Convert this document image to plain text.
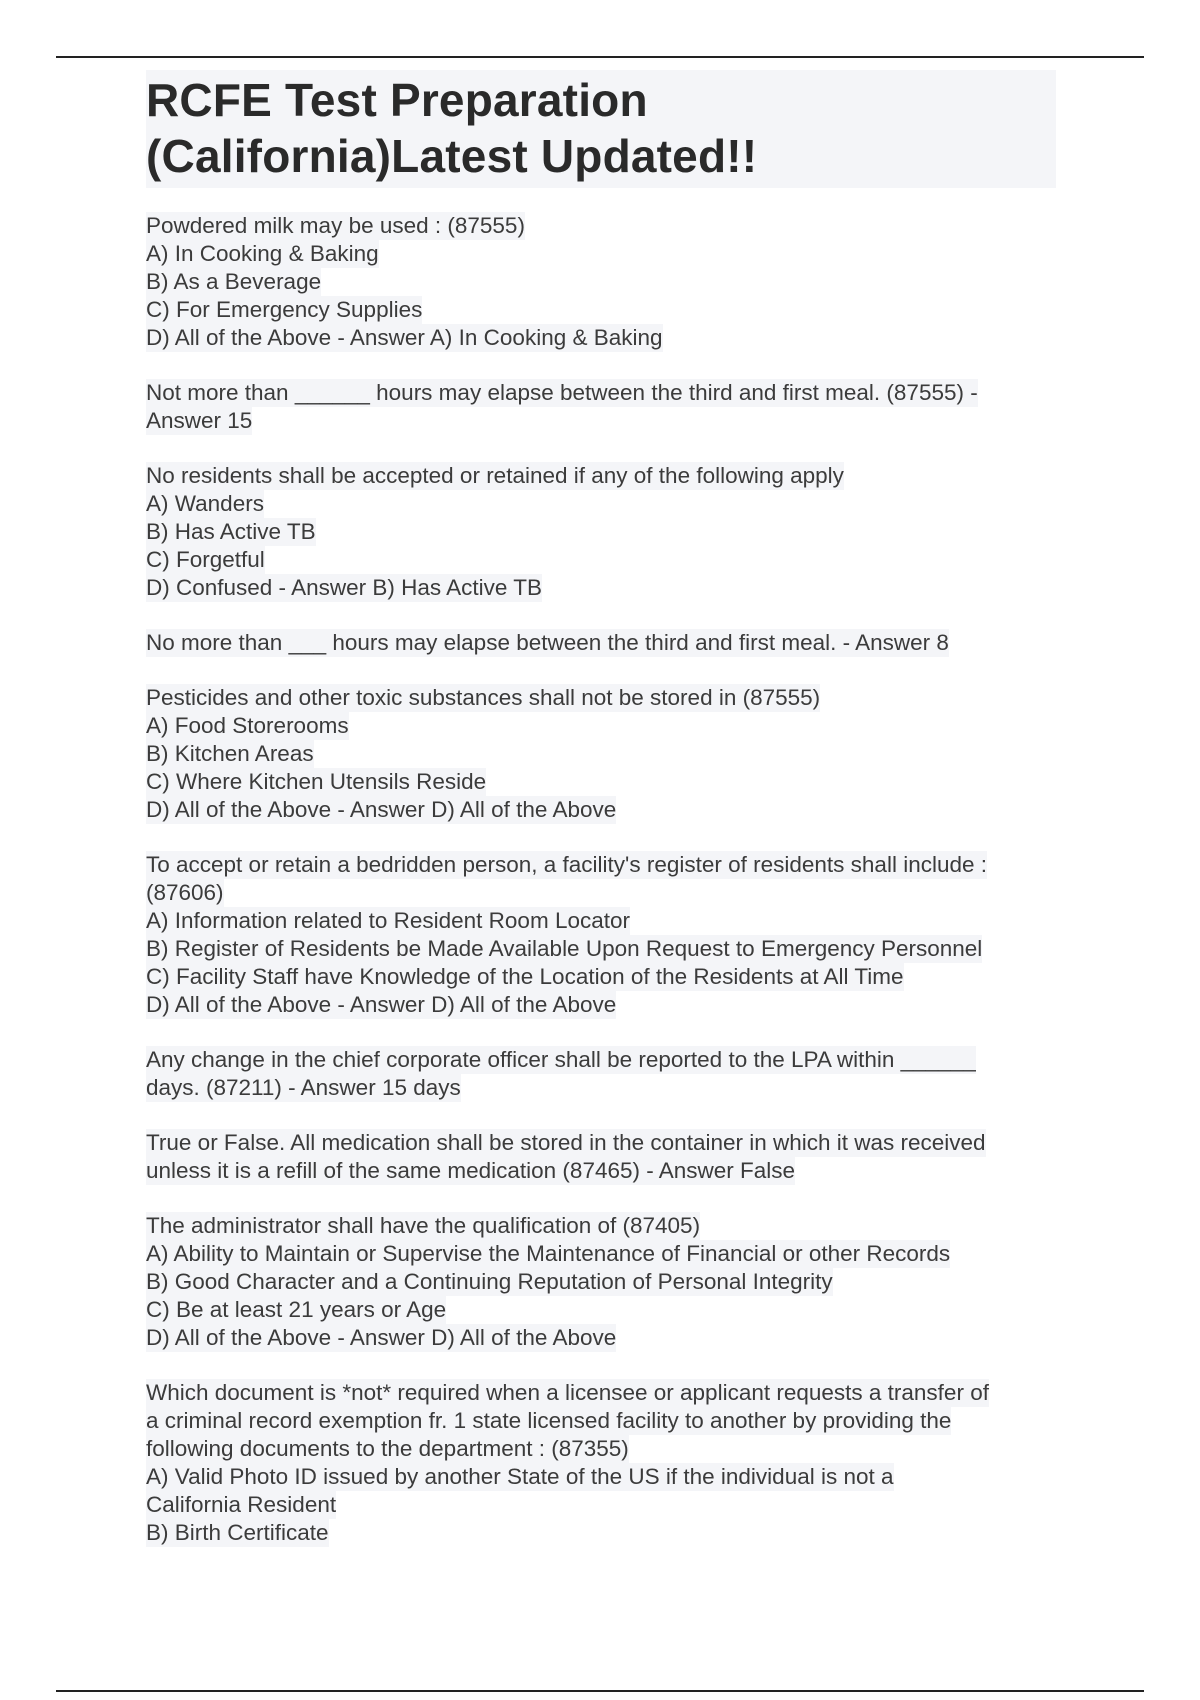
RCFE Test Preparation
(California)Latest Updated!!
Powdered milk may be used : (87555)
A) In Cooking & Baking
B) As a Beverage
C) For Emergency Supplies
D) All of the Above - Answer A) In Cooking & Baking
Not more than ______ hours may elapse between the third and first meal. (87555) -
Answer 15
No residents shall be accepted or retained if any of the following apply
A) Wanders
B) Has Active TB
C) Forgetful
D) Confused - Answer B) Has Active TB
No more than ___ hours may elapse between the third and first meal. - Answer 8
Pesticides and other toxic substances shall not be stored in (87555)
A) Food Storerooms
B) Kitchen Areas
C) Where Kitchen Utensils Reside
D) All of the Above - Answer D) All of the Above
To accept or retain a bedridden person, a facility's register of residents shall include :
(87606)
A) Information related to Resident Room Locator
B) Register of Residents be Made Available Upon Request to Emergency Personnel
C) Facility Staff have Knowledge of the Location of the Residents at All Time
D) All of the Above - Answer D) All of the Above
Any change in the chief corporate officer shall be reported to the LPA within ______
days. (87211) - Answer 15 days
True or False. All medication shall be stored in the container in which it was received
unless it is a refill of the same medication (87465) - Answer False
The administrator shall have the qualification of (87405)
A) Ability to Maintain or Supervise the Maintenance of Financial or other Records
B) Good Character and a Continuing Reputation of Personal Integrity
C) Be at least 21 years or Age
D) All of the Above - Answer D) All of the Above
Which document is *not* required when a licensee or applicant requests a transfer of
a criminal record exemption fr. 1 state licensed facility to another by providing the
following documents to the department : (87355)
A) Valid Photo ID issued by another State of the US if the individual is not a
California Resident
B) Birth Certificate
